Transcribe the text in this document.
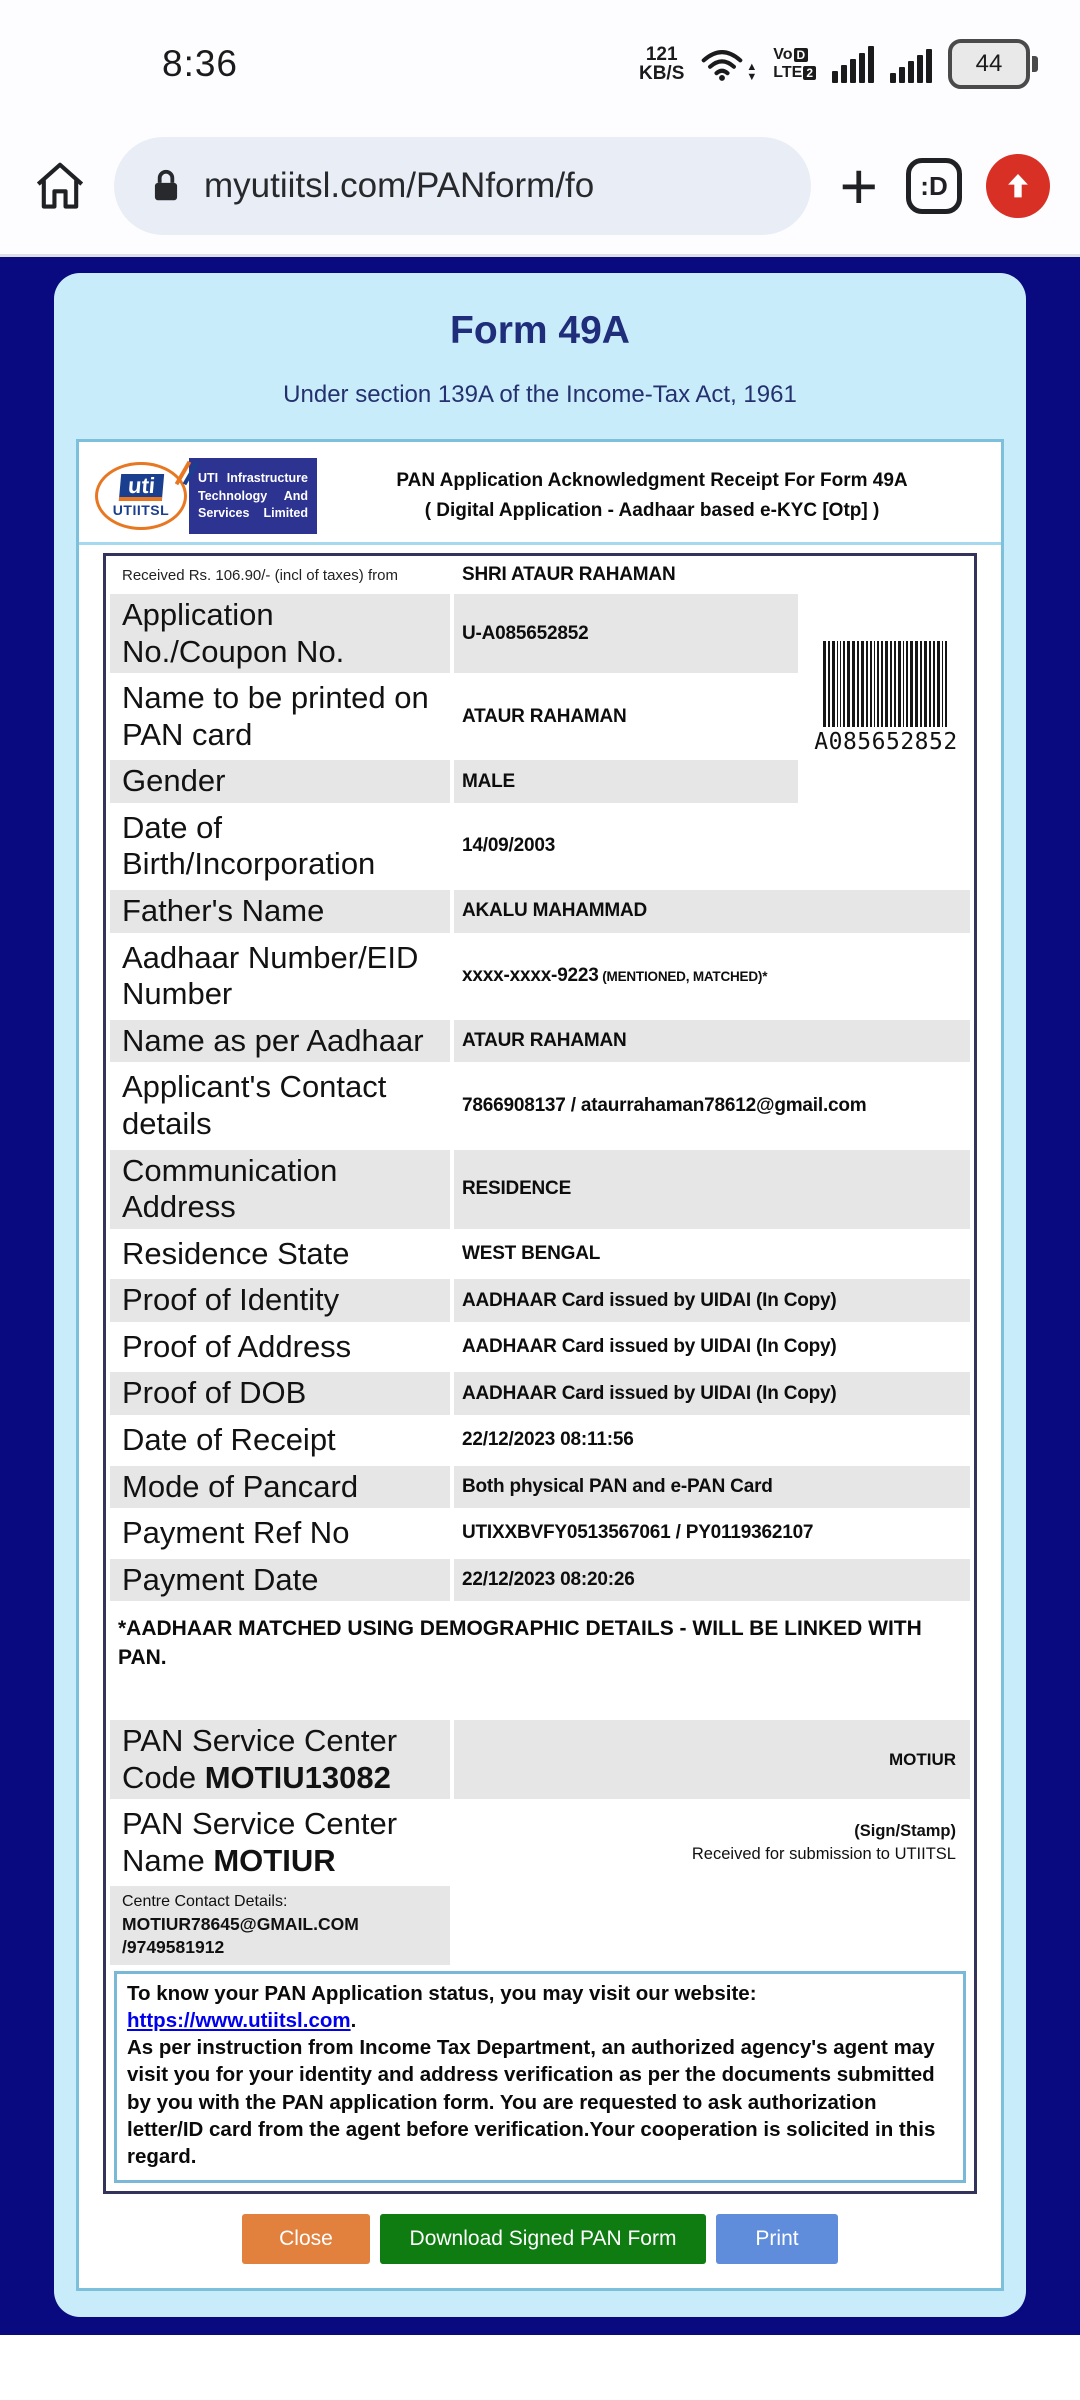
8:36	121
KB/S	▲
▼
Vo D
LTE 2	44
myutiitsl.com/PANform/fo	+ :D
Form 49A
Under section 139A of the Income-Tax Act, 1961
uti
UTIITSL
UTI Infrastructure
Technology And
Services Limited
PAN Application Acknowledgment Receipt For Form 49A
( Digital Application - Aadhaar based e-KYC [Otp] )
Received Rs. 106.90/- (incl of taxes) from	SHRI ATAUR RAHAMAN	
Application No./Coupon No.	U-A085652852	A085652852

Name to be printed on PAN card	ATAUR RAHAMAN	
Gender	MALE	
Date of Birth/Incorporation	14/09/2003	
Father's Name	AKALU MAHAMMAD	
Aadhaar Number/EID Number	xxxx-xxxx-9223 (MENTIONED, MATCHED)*	
Name as per Aadhaar	ATAUR RAHAMAN	
Applicant's Contact details	7866908137 / ataurrahaman78612@gmail.com	
Communication Address	RESIDENCE	
Residence State	WEST BENGAL	
Proof of Identity	AADHAAR Card issued by UIDAI (In Copy)	
Proof of Address	AADHAAR Card issued by UIDAI (In Copy)	
Proof of DOB	AADHAAR Card issued by UIDAI (In Copy)	
Date of Receipt	22/12/2023 08:11:56	
Mode of Pancard	Both physical PAN and e-PAN Card	
Payment Ref No	UTIXXBVFY0513567061 / PY0119362107	
Payment Date	22/12/2023 08:20:26	
*AADHAAR MATCHED USING DEMOGRAPHIC DETAILS - WILL BE LINKED WITH PAN.		

PAN Service Center Code MOTIU13082	MOTIUR	
PAN Service Center Name MOTIUR	(Sign/Stamp)
Received for submission to UTIITSL	

Centre Contact Details:
MOTIUR78645@GMAIL.COM /9749581912		

To know your PAN Application status, you may visit our website:
https://www.utiitsl.com.
As per instruction from Income Tax Department, an authorized agency's agent may visit you for your identity and address verification as per the documents submitted by you with the PAN application form. You are requested to ask authorization letter/ID card from the agent before verification.Your cooperation is solicited in this regard.		
Close	Download Signed PAN Form	Print
